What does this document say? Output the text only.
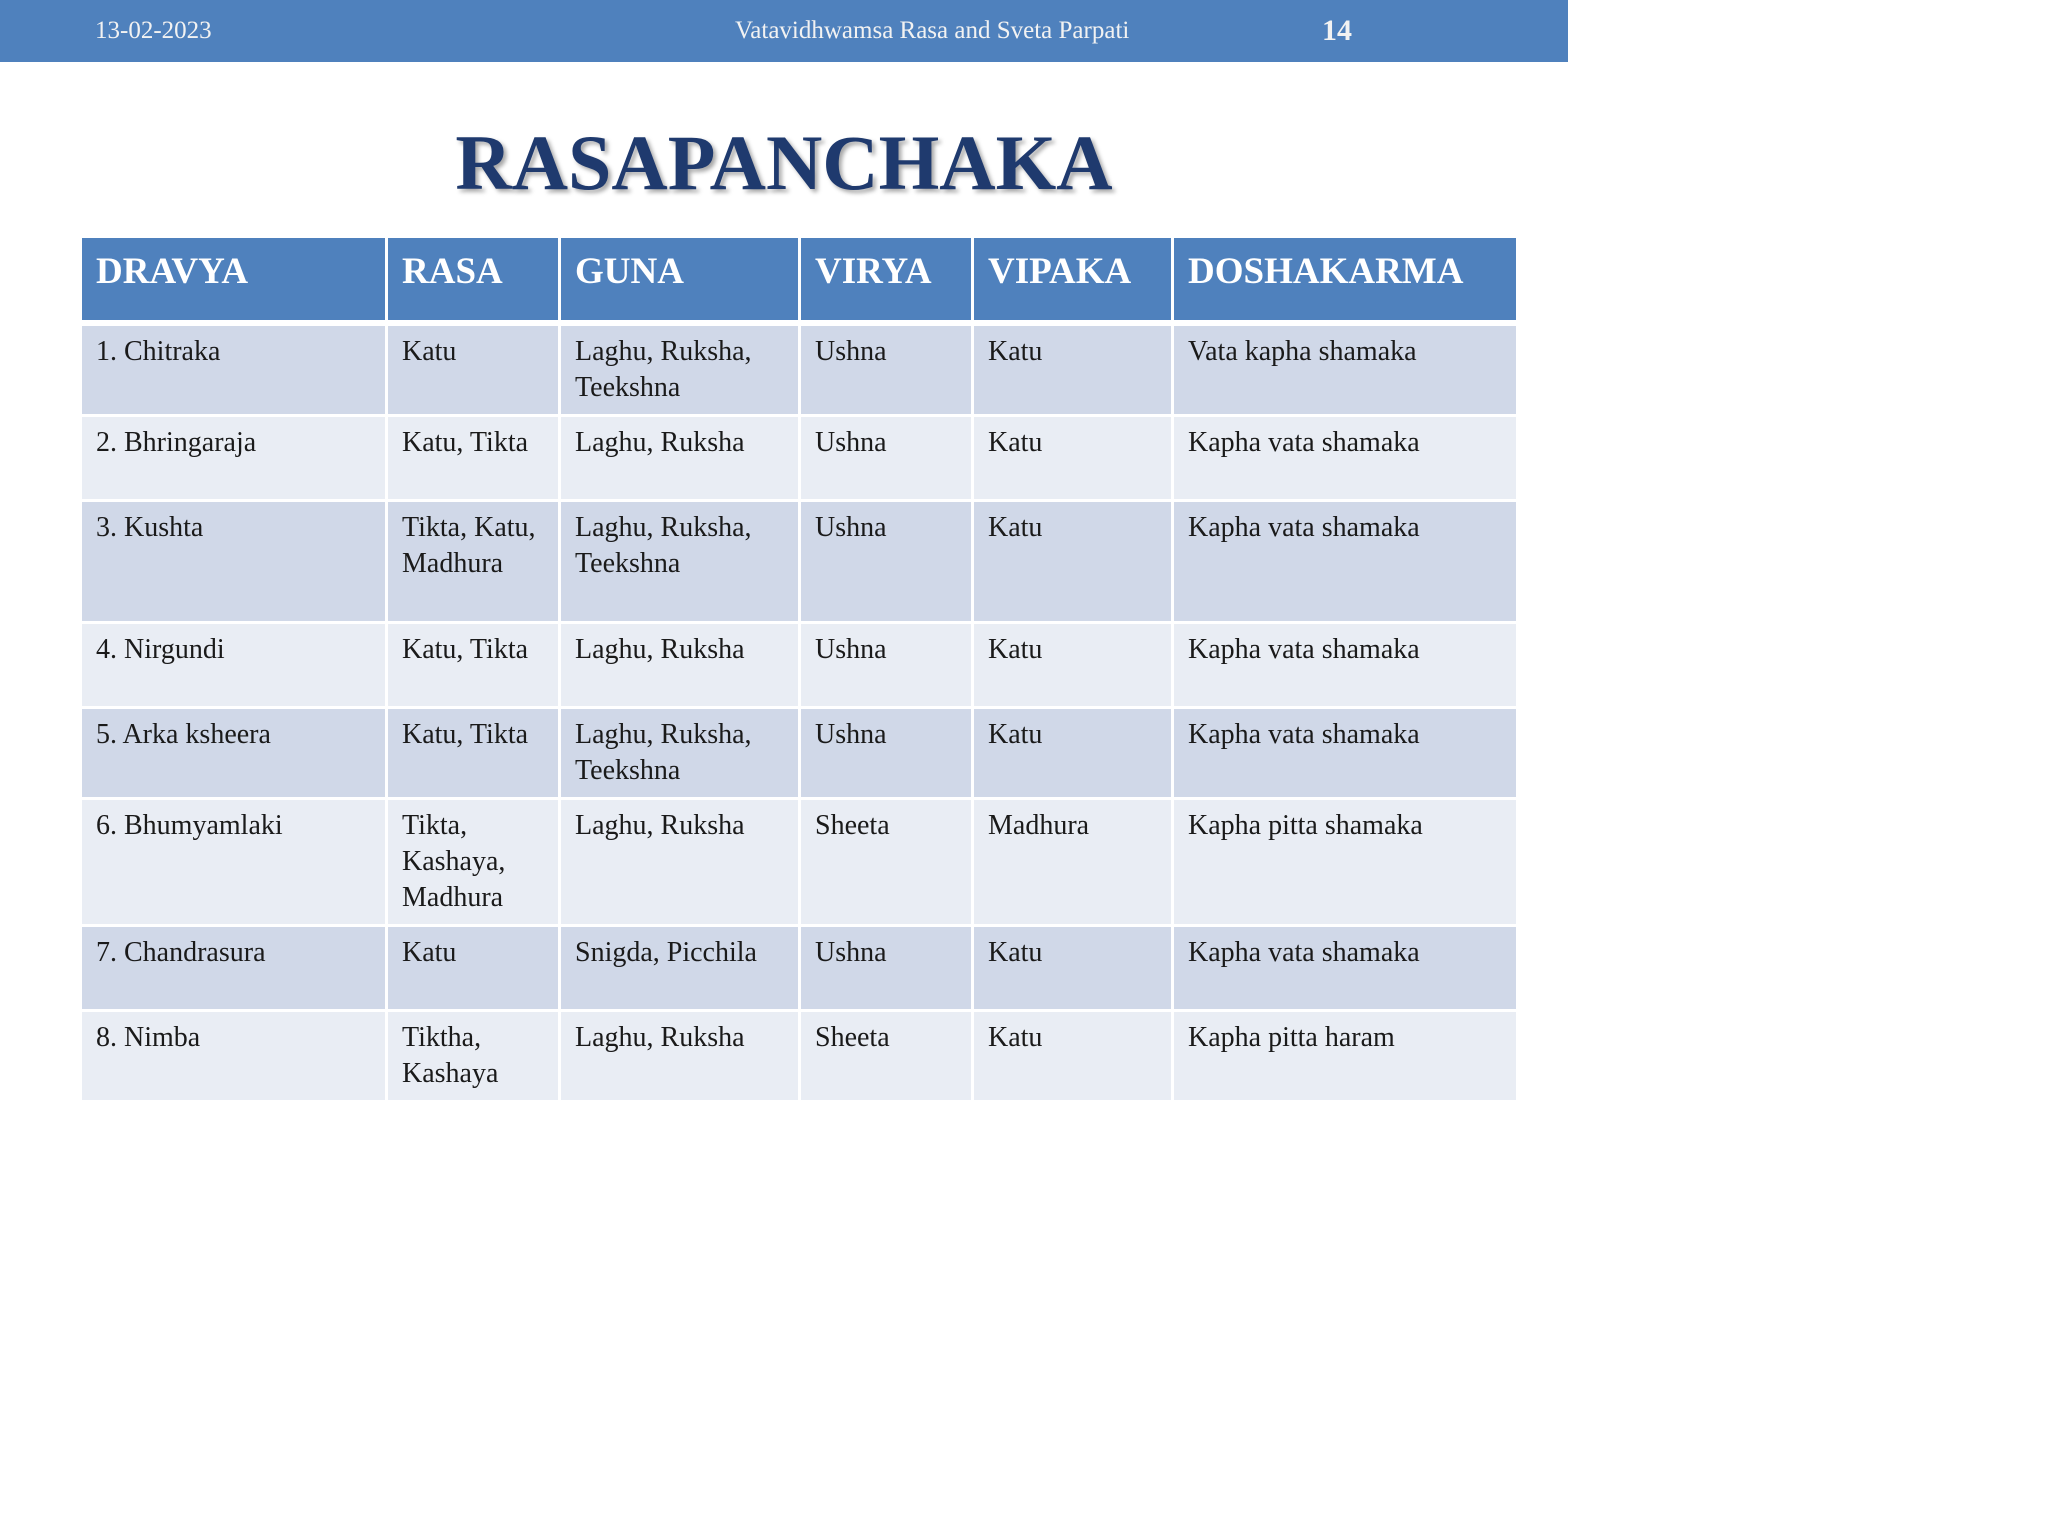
13-02-2023	Vatavidhwamsa Rasa and Sveta Parpati	14
RASAPANCHAKA
DRAVYA	RASA	GUNA	VIRYA	VIPAKA	DOSHAKARMA
1. Chitraka	Katu	Laghu, Ruksha, Teekshna	Ushna	Katu	Vata kapha shamaka
2. Bhringaraja	Katu, Tikta	Laghu, Ruksha	Ushna	Katu	Kapha vata shamaka
3. Kushta	Tikta, Katu, Madhura	Laghu, Ruksha, Teekshna	Ushna	Katu	Kapha vata shamaka
4. Nirgundi	Katu, Tikta	Laghu, Ruksha	Ushna	Katu	Kapha vata shamaka
5. Arka ksheera	Katu, Tikta	Laghu, Ruksha, Teekshna	Ushna	Katu	Kapha vata shamaka
6. Bhumyamlaki	Tikta, Kashaya, Madhura	Laghu, Ruksha	Sheeta	Madhura	Kapha pitta shamaka
7. Chandrasura	Katu	Snigda, Picchila	Ushna	Katu	Kapha vata shamaka
8. Nimba	Tiktha, Kashaya	Laghu, Ruksha	Sheeta	Katu	Kapha pitta haram
